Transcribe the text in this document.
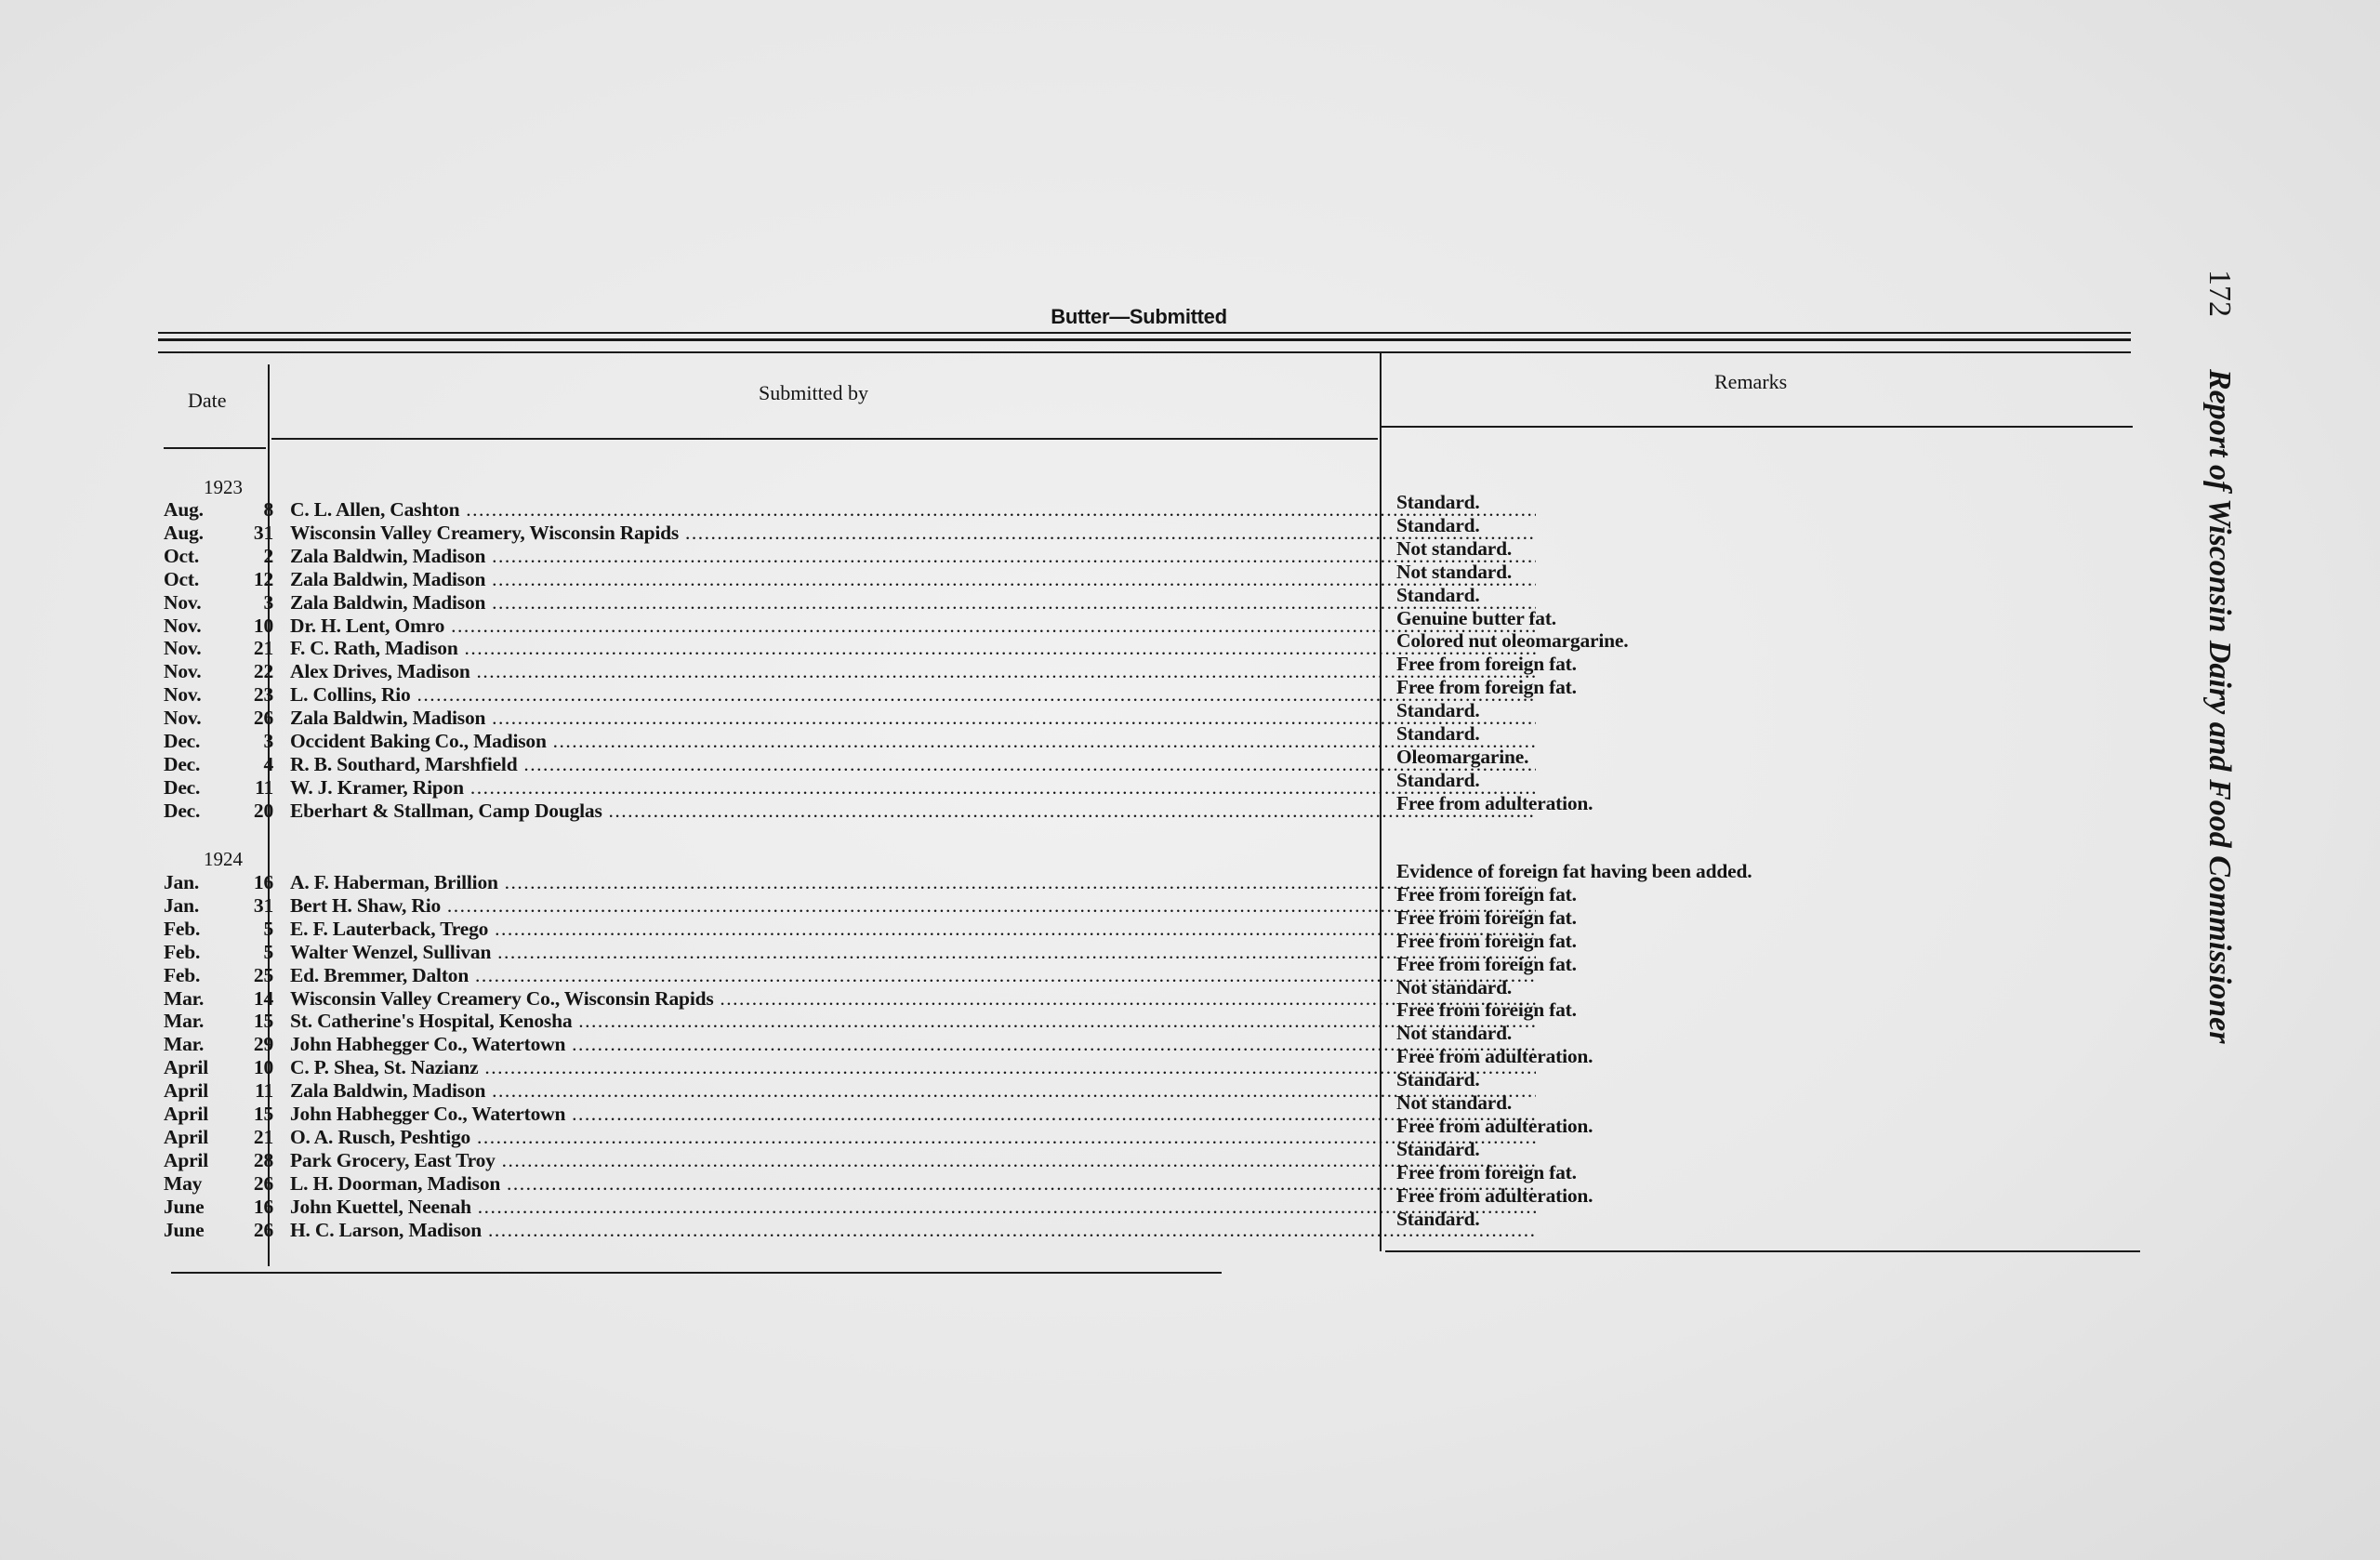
Butter—Submitted
Date	Submitted by	Remarks
1923
1924
Aug.	8 C. L. Allen, Cashton .....	Standard.
Aug.	31 Wisconsin Valley Creamery, Wisconsin Rapids .....	Standard.
Oct.	2 Zala Baldwin, Madison .....	Not standard.
Oct.	12 Zala Baldwin, Madison .....	Not standard.
Nov.	3 Zala Baldwin, Madison .....	Standard.
Nov.	10 Dr. H. Lent, Omro .....	Genuine butter fat.
Nov.	21 F. C. Rath, Madison .....	Colored nut oleomargarine.
Nov.	22 Alex Drives, Madison .....	Free from foreign fat.
Nov.	23 L. Collins, Rio .....	Free from foreign fat.
Nov.	26 Zala Baldwin, Madison .....	Standard.
Dec.	3 Occident Baking Co., Madison .....	Standard.
Dec.	4 R. B. Southard, Marshfield .....	Oleomargarine.
Dec.	11 W. J. Kramer, Ripon .....	Standard.
Dec.	20 Eberhart & Stallman, Camp Douglas .....	Free from adulteration.
Jan.	16 A. F. Haberman, Brillion .....	Evidence of foreign fat having been added.
Jan.	31 Bert H. Shaw, Rio .....	Free from foreign fat.
Feb.	5 E. F. Lauterback, Trego .....	Free from foreign fat.
Feb.	5 Walter Wenzel, Sullivan .....	Free from foreign fat.
Feb.	25 Ed. Bremmer, Dalton .....	Free from foreign fat.
Mar.	14 Wisconsin Valley Creamery Co., Wisconsin Rapids .....	Not standard.
Mar.	15 St. Catherine's Hospital, Kenosha .....	Free from foreign fat.
Mar.	29 John Habhegger Co., Watertown .....	Not standard.
April	10 C. P. Shea, St. Nazianz .....	Free from adulteration.
April	11 Zala Baldwin, Madison .....	Standard.
April	15 John Habhegger Co., Watertown .....	Not standard.
April	21 O. A. Rusch, Peshtigo .....	Free from adulteration.
April	28 Park Grocery, East Troy .....	Standard.
May	26 L. H. Doorman, Madison .....	Free from foreign fat.
June	16 John Kuettel, Neenah .....	Free from adulteration.
June	26 H. C. Larson, Madison .....	Standard.
172Report of Wisconsin Dairy and Food Commissioner
